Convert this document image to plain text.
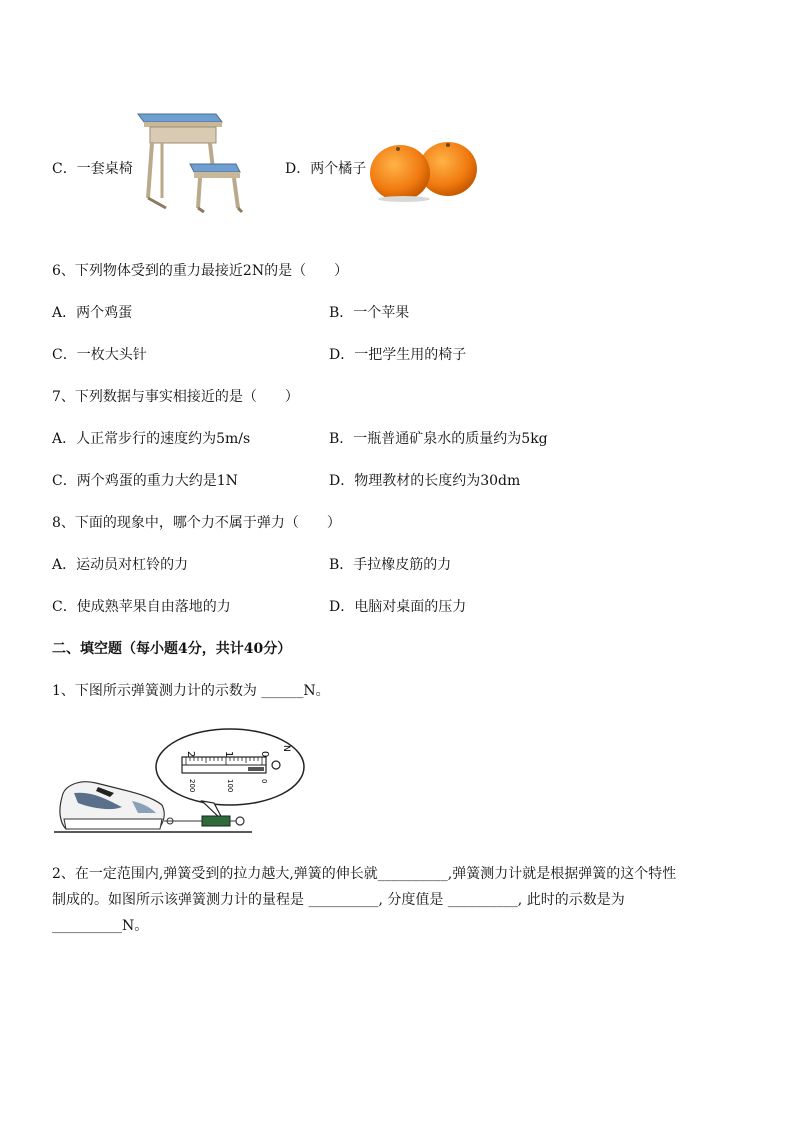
C．一套桌椅	D．两个橘子
6、下列物体受到的重力最接近2N的是（　　）
A．两个鸡蛋	B．一个苹果
C．一枚大头针	D．一把学生用的椅子
7、下列数据与事实相接近的是（　　）
A．人正常步行的速度约为5m/s	B．一瓶普通矿泉水的质量约为5kg
C．两个鸡蛋的重力大约是1N	D．物理教材的长度约为30dm
8、下面的现象中，哪个力不属于弹力（　　）
A．运动员对杠铃的力	B．手拉橡皮筋的力
C．使成熟苹果自由落地的力	D．电脑对桌面的压力
二、填空题（每小题4分，共计40分）
1、下图所示弹簧测力计的示数为 ______N。
2	1	0
N
200	100	0
2、在一定范围内,弹簧受到的拉力越大,弹簧的伸长就__________,弹簧测力计就是根据弹簧的这个特性
制成的。如图所示该弹簧测力计的量程是 __________, 分度值是 __________, 此时的示数是为
__________N。
